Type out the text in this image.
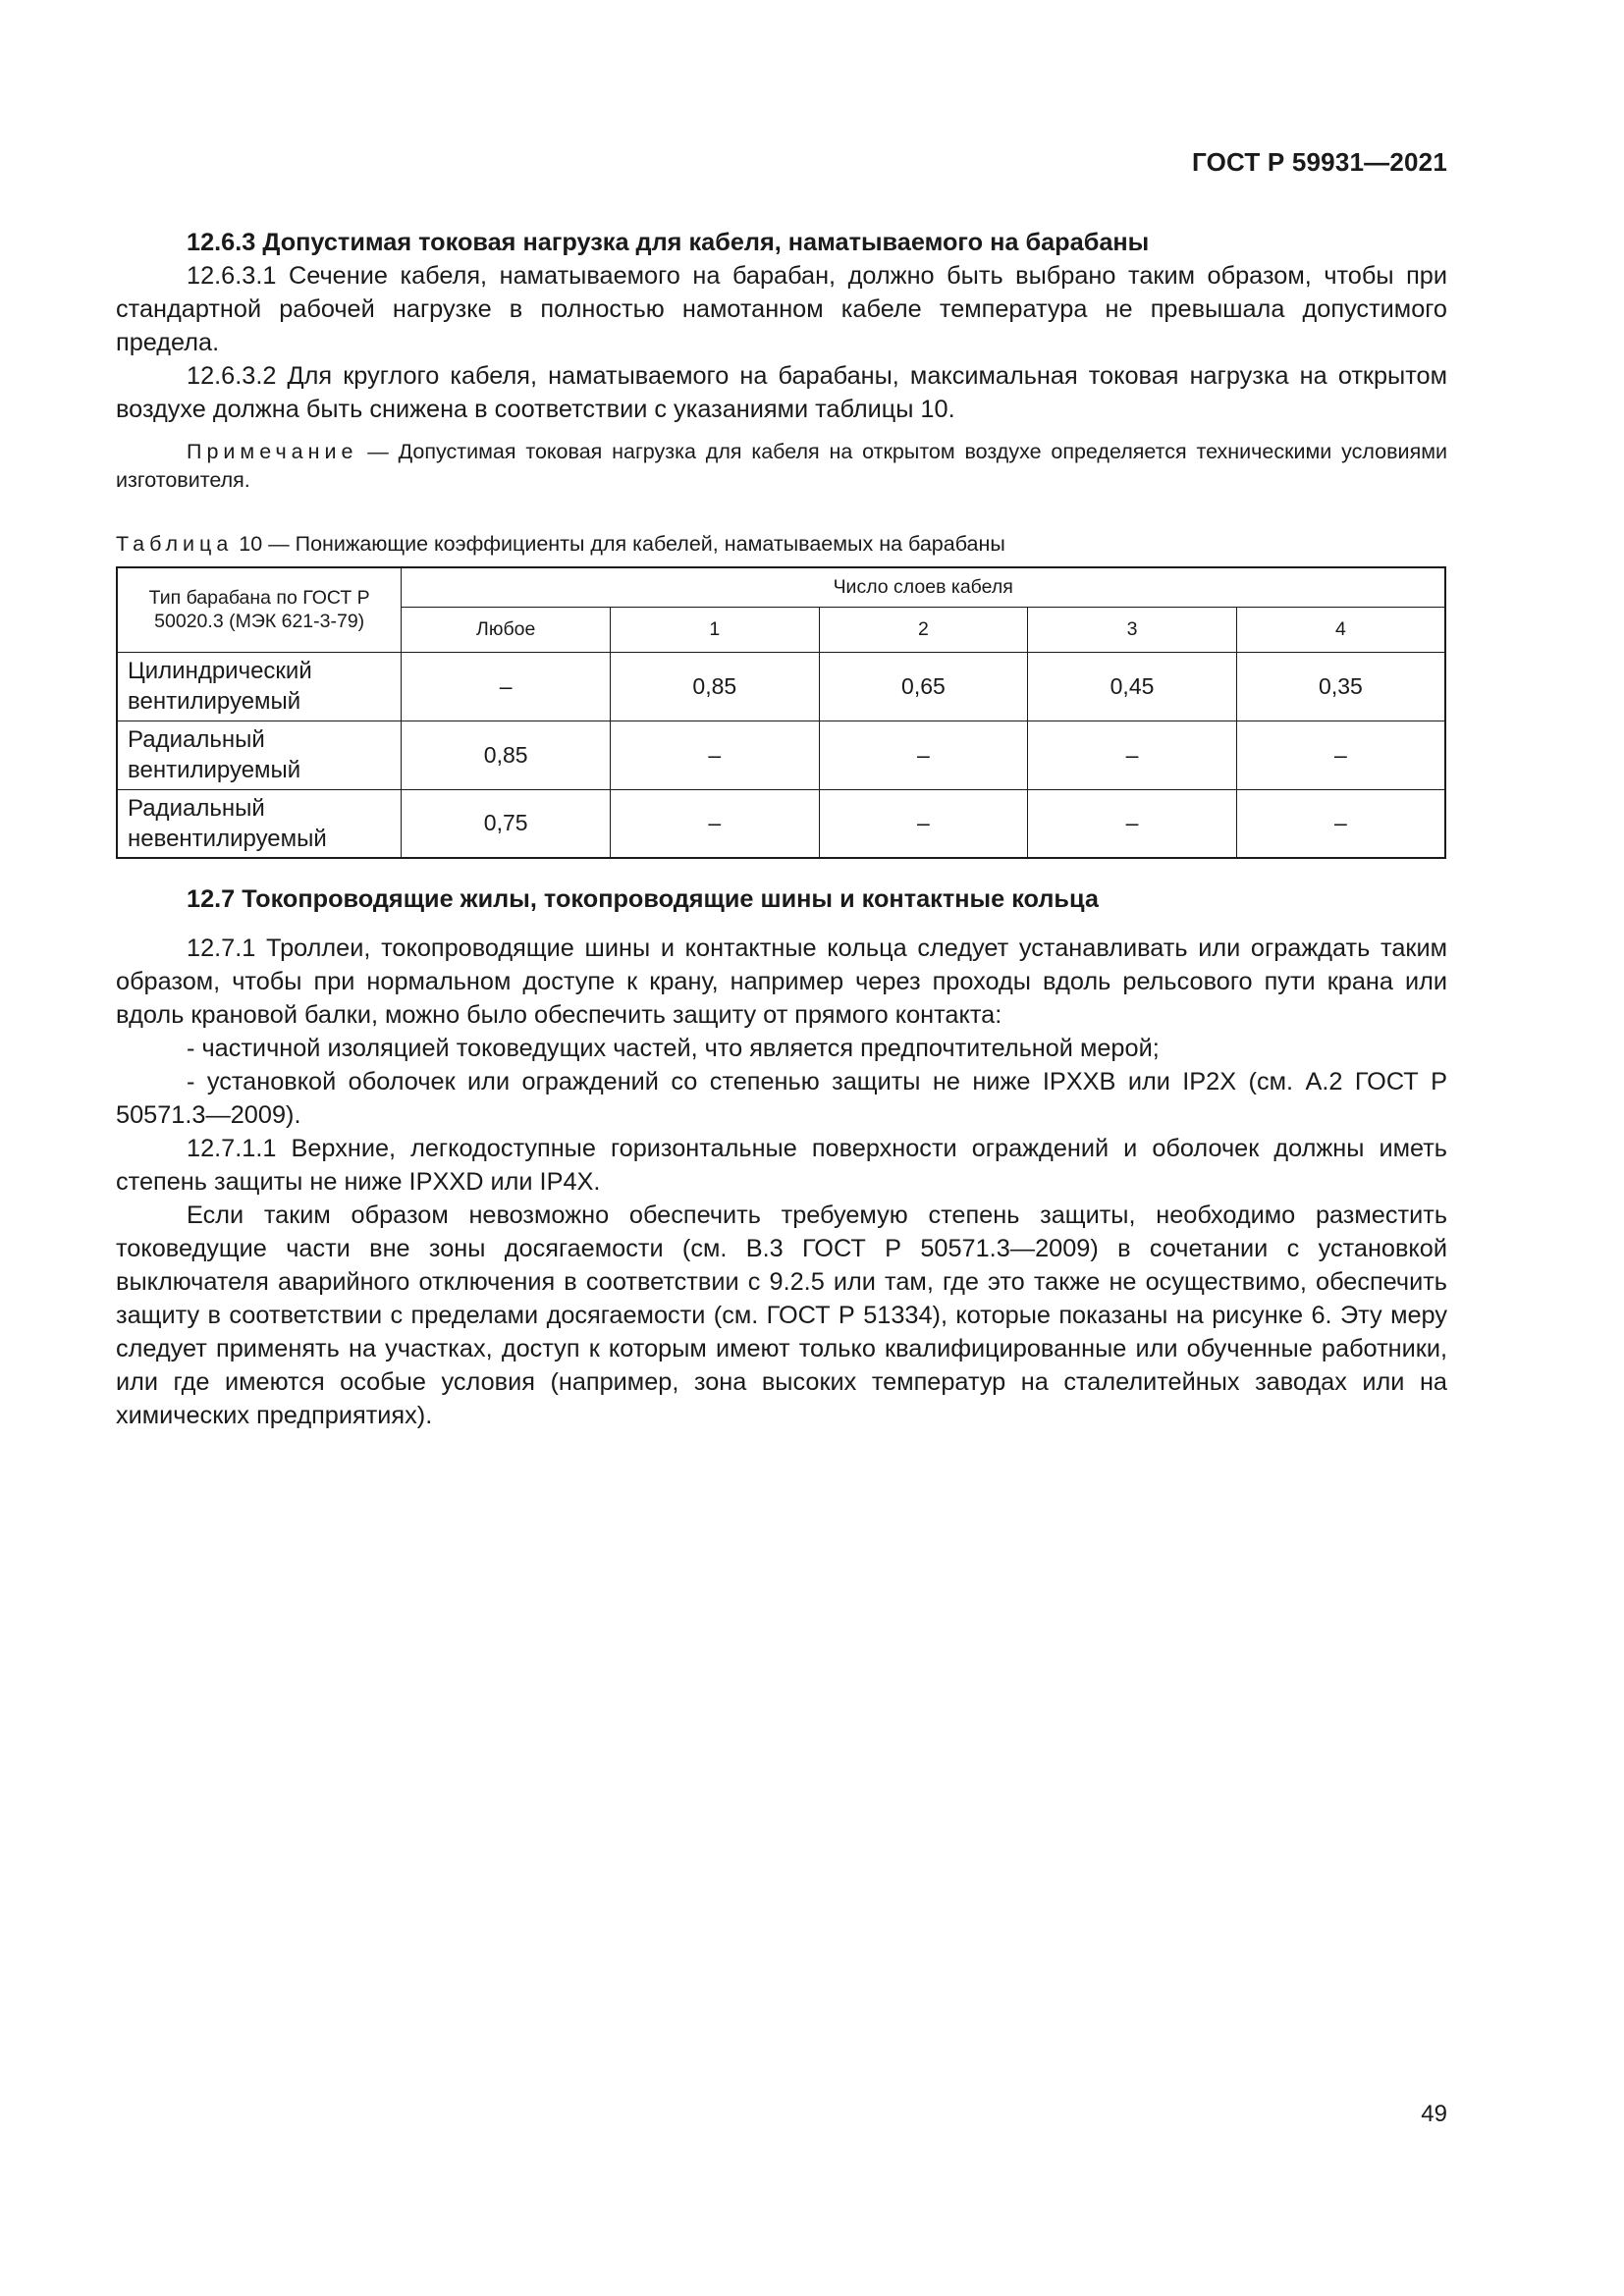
ГОСТ Р 59931—2021

12.6.3 Допустимая токовая нагрузка для кабеля, наматываемого на барабаны

12.6.3.1 Сечение кабеля, наматываемого на барабан, должно быть выбрано таким образом, чтобы при стандартной рабочей нагрузке в полностью намотанном кабеле температура не превышала допустимого предела.

12.6.3.2 Для круглого кабеля, наматываемого на барабаны, максимальная токовая нагрузка на открытом воздухе должна быть снижена в соответствии с указаниями таблицы 10.

Примечание — Допустимая токовая нагрузка для кабеля на открытом воздухе определяется техническими условиями изготовителя.

Таблица 10 — Понижающие коэффициенты для кабелей, наматываемых на барабаны

Тип барабана по ГОСТ Р 50020.3 (МЭК 621-3-79)	Число слоев кабеля				
	Любое	1	2	3	4
Цилиндрический вентилируемый	–	0,85	0,65	0,45	0,35
Радиальный вентилируемый	0,85	–	–	–	–
Радиальный невентилируемый	0,75	–	–	–	–

12.7 Токопроводящие жилы, токопроводящие шины и контактные кольца

12.7.1 Троллеи, токопроводящие шины и контактные кольца следует устанавливать или ограждать таким образом, чтобы при нормальном доступе к крану, например через проходы вдоль рельсового пути крана или вдоль крановой балки, можно было обеспечить защиту от прямого контакта:

- частичной изоляцией токоведущих частей, что является предпочтительной мерой;

- установкой оболочек или ограждений со степенью защиты не ниже IPXXB или IP2X (см. А.2 ГОСТ Р 50571.3—2009).

12.7.1.1 Верхние, легкодоступные горизонтальные поверхности ограждений и оболочек должны иметь степень защиты не ниже IPXXD или IP4X.

Если таким образом невозможно обеспечить требуемую степень защиты, необходимо разместить токоведущие части вне зоны досягаемости (см. В.3 ГОСТ Р 50571.3—2009) в сочетании с установкой выключателя аварийного отключения в соответствии с 9.2.5 или там, где это также не осуществимо, обеспечить защиту в соответствии с пределами досягаемости (см. ГОСТ Р 51334), которые показаны на рисунке 6. Эту меру следует применять на участках, доступ к которым имеют только квалифицированные или обученные работники, или где имеются особые условия (например, зона высоких температур на сталелитейных заводах или на химических предприятиях).

49
